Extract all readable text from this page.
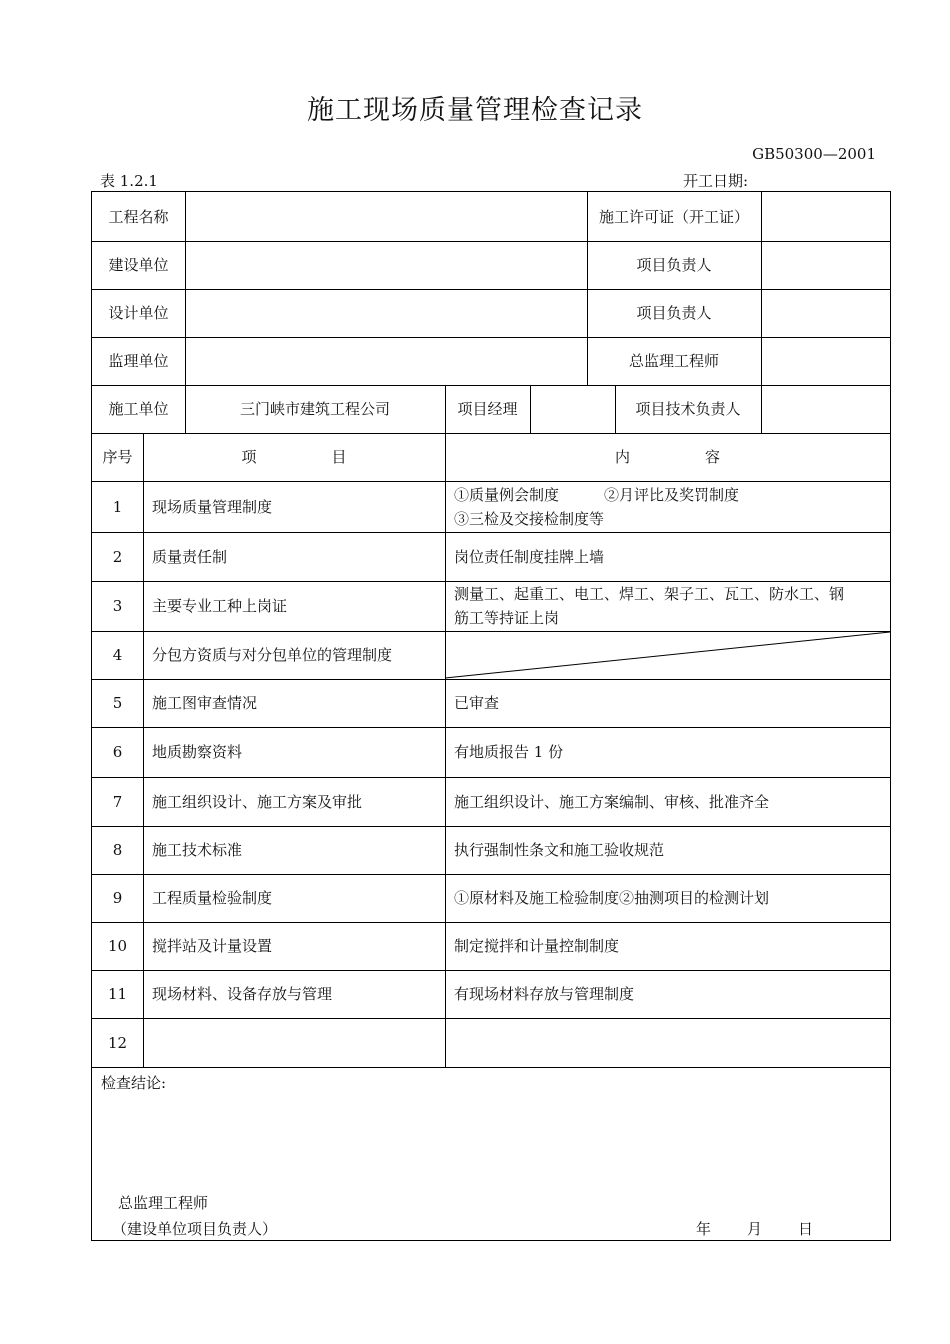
施工现场质量管理检查记录
GB50300—2001
表 1.2.1	开工日期:
工程名称	施工许可证（开工证）
建设单位	项目负责人
设计单位	项目负责人
监理单位	总监理工程师
施工单位	三门峡市建筑工程公司	项目经理	项目技术负责人
序号	项　　　　　目	内　　　　　容
1	现场质量管理制度
①质量例会制度　　　②月评比及奖罚制度
③三检及交接检制度等
2	质量责任制	岗位责任制度挂牌上墙
3	主要专业工种上岗证
测量工、起重工、电工、焊工、架子工、瓦工、防水工、钢
筋工等持证上岗
4	分包方资质与对分包单位的管理制度
5	施工图审查情况	已审查
6	地质勘察资料	有地质报告 1 份
7	施工组织设计、施工方案及审批	施工组织设计、施工方案编制、审核、批准齐全
8	施工技术标准	执行强制性条文和施工验收规范
9	工程质量检验制度	①原材料及施工检验制度②抽测项目的检测计划
10	搅拌站及计量设置	制定搅拌和计量控制制度
11	现场材料、设备存放与管理	有现场材料存放与管理制度
12
检查结论:
总监理工程师
（建设单位项目负责人）	年 月 日
